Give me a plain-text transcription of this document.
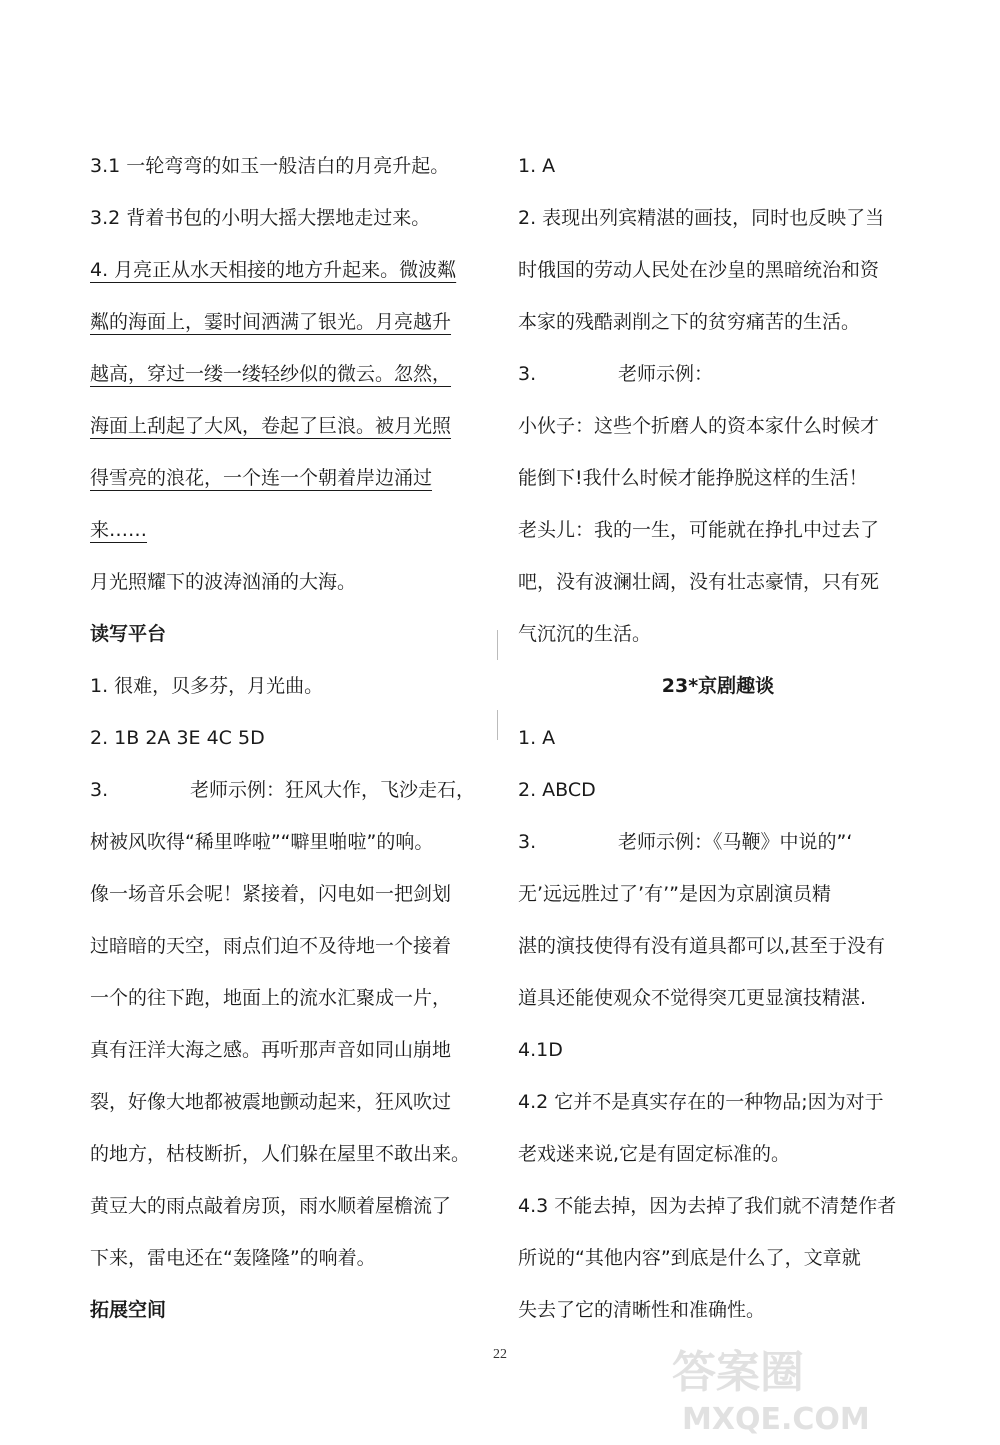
3.1 一轮弯弯的如玉一般洁白的月亮升起。
3.2 背着书包的小明大摇大摆地走过来。
4. 月亮正从水天相接的地方升起来。微波粼
粼的海面上，霎时间洒满了银光。月亮越升
越高，穿过一缕一缕轻纱似的微云。忽然，
海面上刮起了大风，卷起了巨浪。被月光照
得雪亮的浪花，一个连一个朝着岸边涌过
来……
月光照耀下的波涛汹涌的大海。
读写平台
1. 很难，贝多芬，月光曲。
2. 1B 2A 3E 4C 5D
3.	老师示例：狂风大作，飞沙走石，
树被风吹得“稀里哗啦”“噼里啪啦”的响。
像一场音乐会呢！紧接着，闪电如一把剑划
过暗暗的天空，雨点们迫不及待地一个接着
一个的往下跑，地面上的流水汇聚成一片，
真有汪洋大海之感。再听那声音如同山崩地
裂，好像大地都被震地颤动起来，狂风吹过
的地方，枯枝断折，人们躲在屋里不敢出来。
黄豆大的雨点敲着房顶，雨水顺着屋檐流了
下来，雷电还在“轰隆隆”的响着。
拓展空间
1. A
2. 表现出列宾精湛的画技，同时也反映了当
时俄国的劳动人民处在沙皇的黑暗统治和资
本家的残酷剥削之下的贫穷痛苦的生活。
3.	老师示例：
小伙子：这些个折磨人的资本家什么时候才
能倒下!我什么时候才能挣脱这样的生活！
老头儿：我的一生，可能就在挣扎中过去了
吧，没有波澜壮阔，没有壮志豪情，只有死
气沉沉的生活。
23*京剧趣谈
1. A
2. ABCD
3.	老师示例：《马鞭》中说的”‘
无’远远胜过了’有’”是因为京剧演员精
湛的演技使得有没有道具都可以,甚至于没有
道具还能使观众不觉得突兀更显演技精湛.
4.1D
4.2 它并不是真实存在的一种物品;因为对于
老戏迷来说,它是有固定标准的。
4.3 不能去掉，因为去掉了我们就不清楚作者
所说的“其他内容”到底是什么了，文章就
失去了它的清晰性和准确性。
22	答案圈
MXQE.COM
